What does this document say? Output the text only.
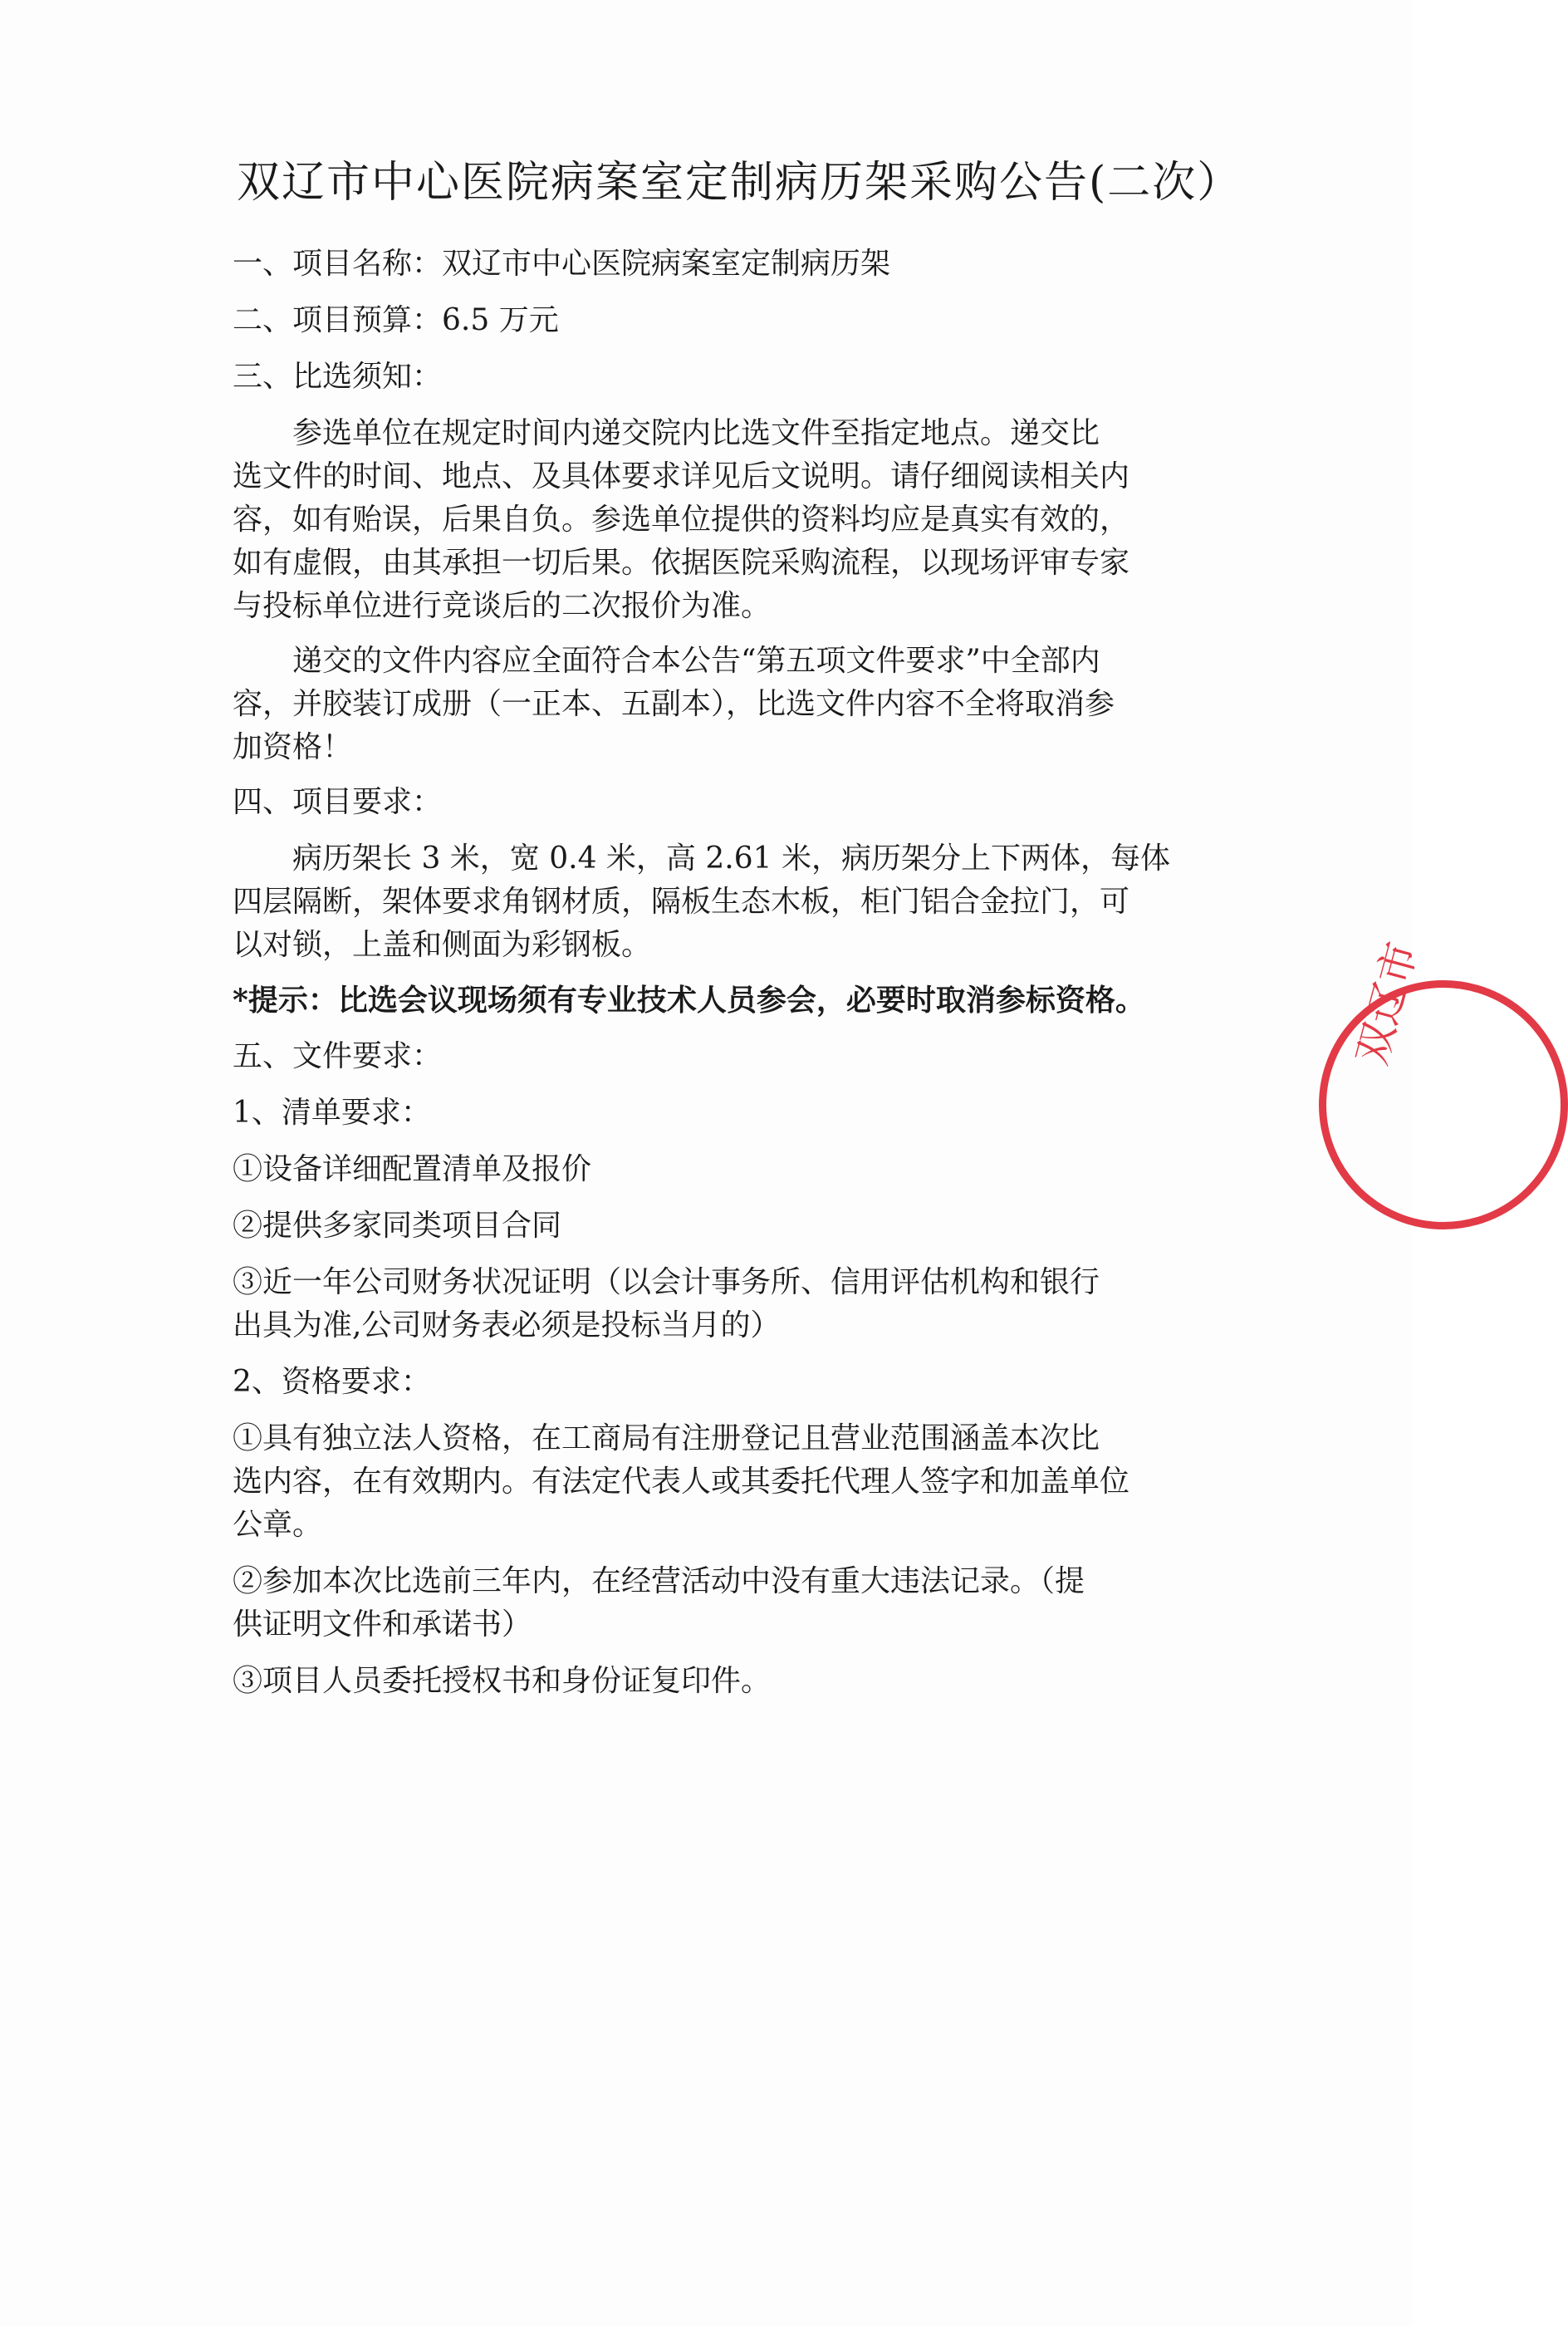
双辽市中心医院病案室定制病历架采购公告(二次）

一、项目名称：双辽市中心医院病案室定制病历架

二、项目预算：6.5 万元

三、比选须知：

参选单位在规定时间内递交院内比选文件至指定地点。递交比

选文件的时间、地点、及具体要求详见后文说明。请仔细阅读相关内

容，如有贻误，后果自负。参选单位提供的资料均应是真实有效的，

如有虚假，由其承担一切后果。依据医院采购流程，以现场评审专家

与投标单位进行竞谈后的二次报价为准。

递交的文件内容应全面符合本公告“第五项文件要求”中全部内

容，并胶装订成册（一正本、五副本），比选文件内容不全将取消参

加资格！

四、项目要求：

病历架长 3 米，宽 0.4 米，高 2.61 米，病历架分上下两体，每体

四层隔断，架体要求角钢材质，隔板生态木板，柜门铝合金拉门，可

以对锁，上盖和侧面为彩钢板。

*提示：比选会议现场须有专业技术人员参会，必要时取消参标资格。

五、文件要求：

1、清单要求：

①设备详细配置清单及报价

②提供多家同类项目合同

③近一年公司财务状况证明（以会计事务所、信用评估机构和银行

出具为准,公司财务表必须是投标当月的）

2、资格要求：

①具有独立法人资格，在工商局有注册登记且营业范围涵盖本次比

选内容，在有效期内。有法定代表人或其委托代理人签字和加盖单位

公章。

②参加本次比选前三年内，在经营活动中没有重大违法记录。（提

供证明文件和承诺书）

③项目人员委托授权书和身份证复印件。

双辽市
